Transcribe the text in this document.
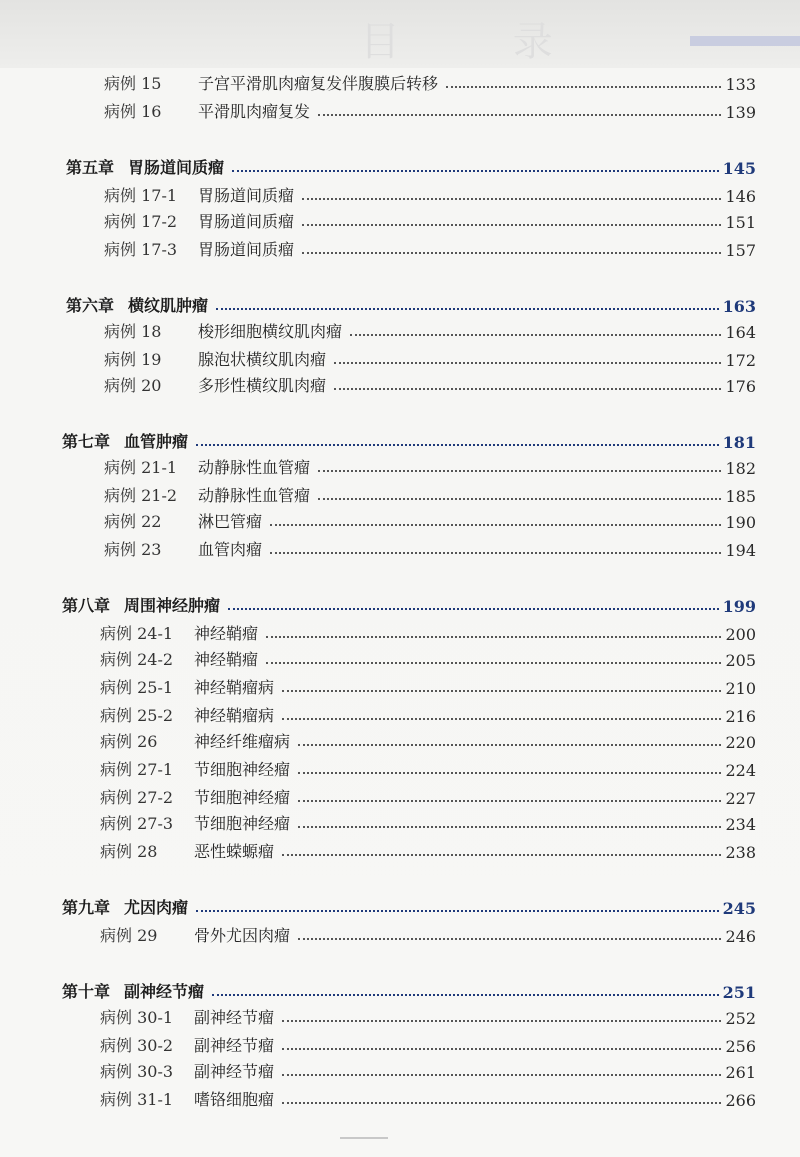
目 录
病例 15	子宫平滑肌肉瘤复发伴腹膜后转移	133
病例 16	平滑肌肉瘤复发	139
第五章 胃肠道间质瘤	145
病例 17-1	胃肠道间质瘤	146
病例 17-2	胃肠道间质瘤	151
病例 17-3	胃肠道间质瘤	157
第六章 横纹肌肿瘤	163
病例 18	梭形细胞横纹肌肉瘤	164
病例 19	腺泡状横纹肌肉瘤	172
病例 20	多形性横纹肌肉瘤	176
第七章 血管肿瘤	181
病例 21-1	动静脉性血管瘤	182
病例 21-2	动静脉性血管瘤	185
病例 22	淋巴管瘤	190
病例 23	血管肉瘤	194
第八章 周围神经肿瘤	199
病例 24-1	神经鞘瘤	200
病例 24-2	神经鞘瘤	205
病例 25-1	神经鞘瘤病	210
病例 25-2	神经鞘瘤病	216
病例 26	神经纤维瘤病	220
病例 27-1	节细胞神经瘤	224
病例 27-2	节细胞神经瘤	227
病例 27-3	节细胞神经瘤	234
病例 28	恶性蝾螈瘤	238
第九章 尤因肉瘤	245
病例 29	骨外尤因肉瘤	246
第十章 副神经节瘤	251
病例 30-1	副神经节瘤	252
病例 30-2	副神经节瘤	256
病例 30-3	副神经节瘤	261
病例 31-1	嗜铬细胞瘤	266
